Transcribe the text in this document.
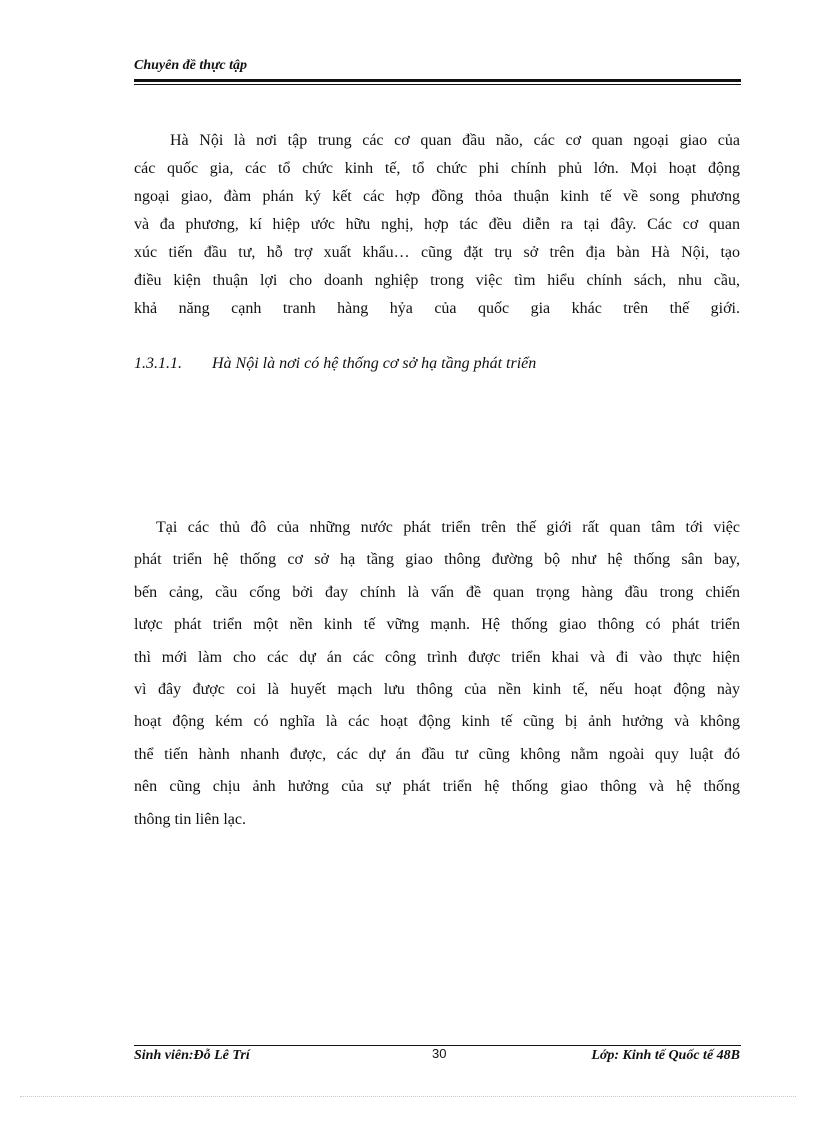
Chuyên đề thực tập

Hà Nội là nơi tập trung các cơ quan đầu não, các cơ quan ngoại giao của
các quốc gia, các tổ chức kinh tế, tổ chức phi chính phủ lớn. Mọi hoạt động
ngoại giao, đàm phán ký kết các hợp đồng thỏa thuận kinh tế về song phương
và đa phương, kí hiệp ước hữu nghị, hợp tác đều diễn ra tại đây. Các cơ quan
xúc tiến đầu tư, hỗ trợ xuất khẩu… cũng đặt trụ sở trên địa bàn Hà Nội, tạo
điều kiện thuận lợi cho doanh nghiệp trong việc tìm hiểu chính sách, nhu cầu,
khả năng cạnh tranh hàng hỷa của quốc gia khác trên thế giới.

1.3.1.1. Hà Nội là nơi có hệ thống cơ sở hạ tầng phát triển

Tại các thủ đô của những nước phát triển trên thế giới rất quan tâm tới việc
phát triển hệ thống cơ sở hạ tầng giao thông đường bộ như hệ thống sân bay,
bến cảng, cầu cống bởi đay chính là vấn đề quan trọng hàng đầu trong chiến
lược phát triển một nền kinh tế vững mạnh. Hệ thống giao thông có phát triển
thì mới làm cho các dự án các công trình được triển khai và đi vào thực hiện
vì đây được coi là huyết mạch lưu thông của nền kinh tế, nếu hoạt động này
hoạt động kém có nghĩa là các hoạt động kinh tế cũng bị ảnh hưởng và không
thể tiến hành nhanh được, các dự án đầu tư cũng không nằm ngoài quy luật đó
nên cũng chịu ảnh hưởng của sự phát triển hệ thống giao thông và hệ thống
thông tin liên lạc.

Sinh viên:Đỗ Lê Trí	30	Lớp: Kinh tế Quốc tế 48B
